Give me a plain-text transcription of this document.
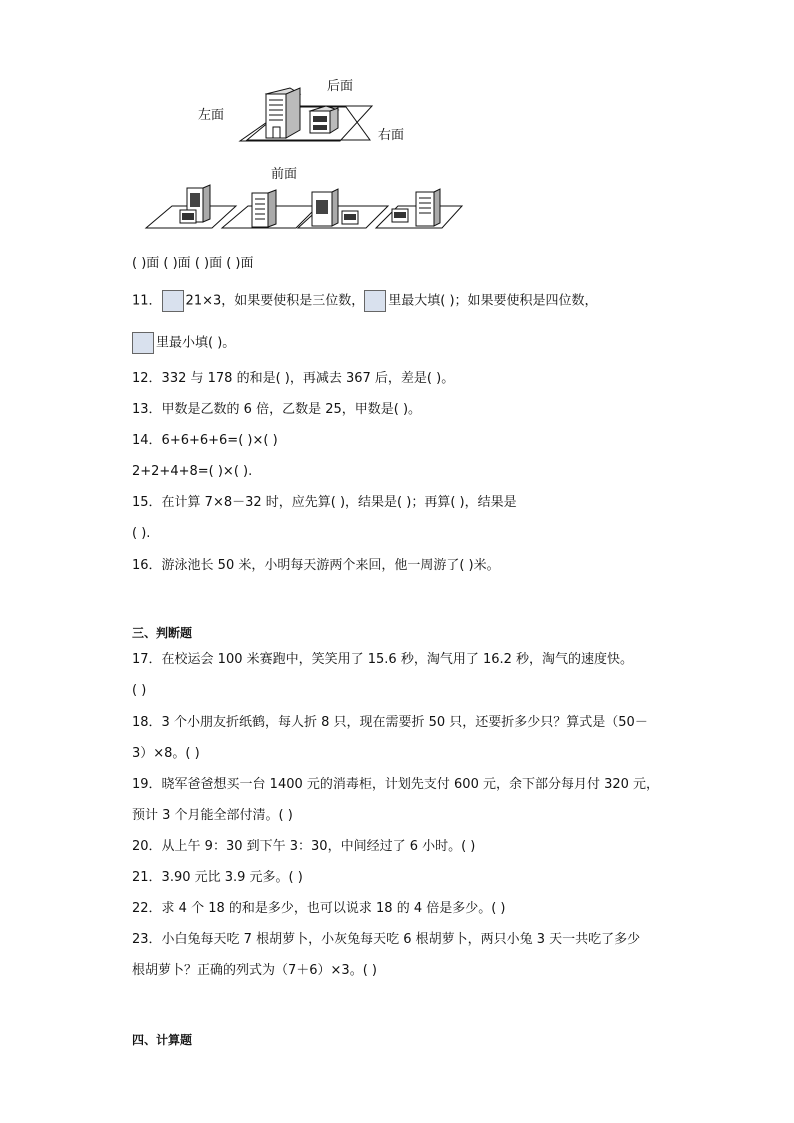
后面
左面
右面
前面
( )面 ( )面 ( )面 ( )面
11． 21×3，如果要使积是三位数， 里最大填( )；如果要使积是四位数，
里最小填( )。
12．332 与 178 的和是( )，再减去 367 后，差是( )。
13．甲数是乙数的 6 倍，乙数是 25，甲数是( )。
14．6+6+6+6=( )×( )
2+2+4+8=( )×( ).
15．在计算 7×8－32 时，应先算( )，结果是( )；再算( )，结果是
( ).
16．游泳池长 50 米，小明每天游两个来回，他一周游了( )米。
三、判断题
17．在校运会 100 米赛跑中，笑笑用了 15.6 秒，淘气用了 16.2 秒，淘气的速度快。
( )
18．3 个小朋友折纸鹤，每人折 8 只，现在需要折 50 只，还要折多少只？算式是（50－
3）×8。( )
19．晓军爸爸想买一台 1400 元的消毒柜，计划先支付 600 元，余下部分每月付 320 元，
预计 3 个月能全部付清。( )
20．从上午 9：30 到下午 3：30，中间经过了 6 小时。( )
21．3.90 元比 3.9 元多。( )
22．求 4 个 18 的和是多少，也可以说求 18 的 4 倍是多少。( )
23．小白兔每天吃 7 根胡萝卜，小灰兔每天吃 6 根胡萝卜，两只小兔 3 天一共吃了多少
根胡萝卜？正确的列式为（7＋6）×3。( )
四、计算题
